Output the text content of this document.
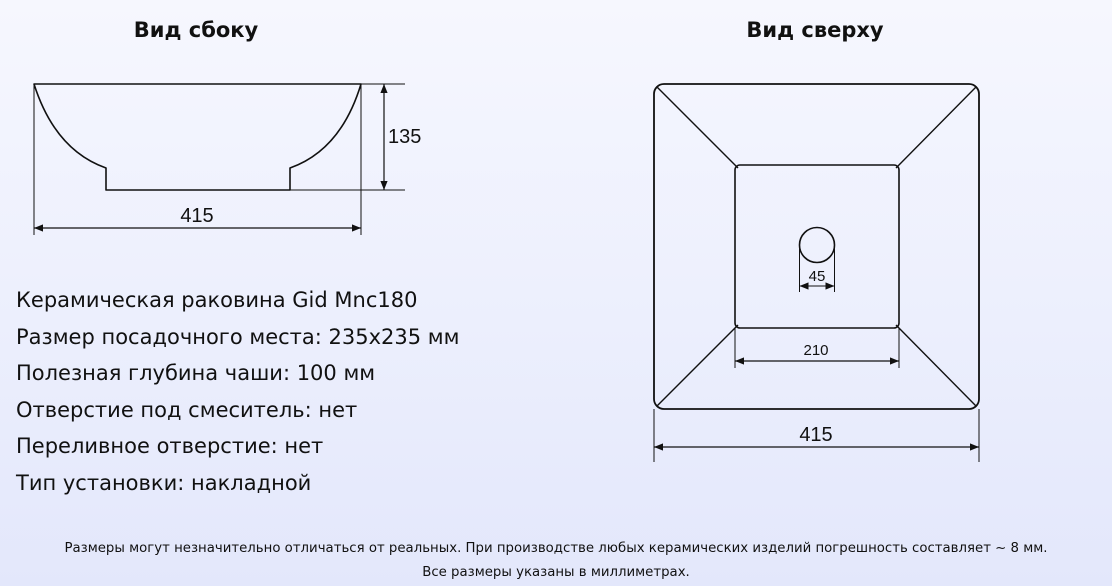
Вид сбоку	Вид сверху
135
415
45
210
415
Керамическая раковина Gid Mnc180
Размер посадочного места: 235х235 мм
Полезная глубина чаши: 100 мм
Отверстие под смеситель: нет
Переливное отверстие: нет
Тип установки: накладной
Размеры могут незначительно отличаться от реальных. При производстве любых керамических изделий погрешность составляет ~ 8 мм.
Все размеры указаны в миллиметрах.
